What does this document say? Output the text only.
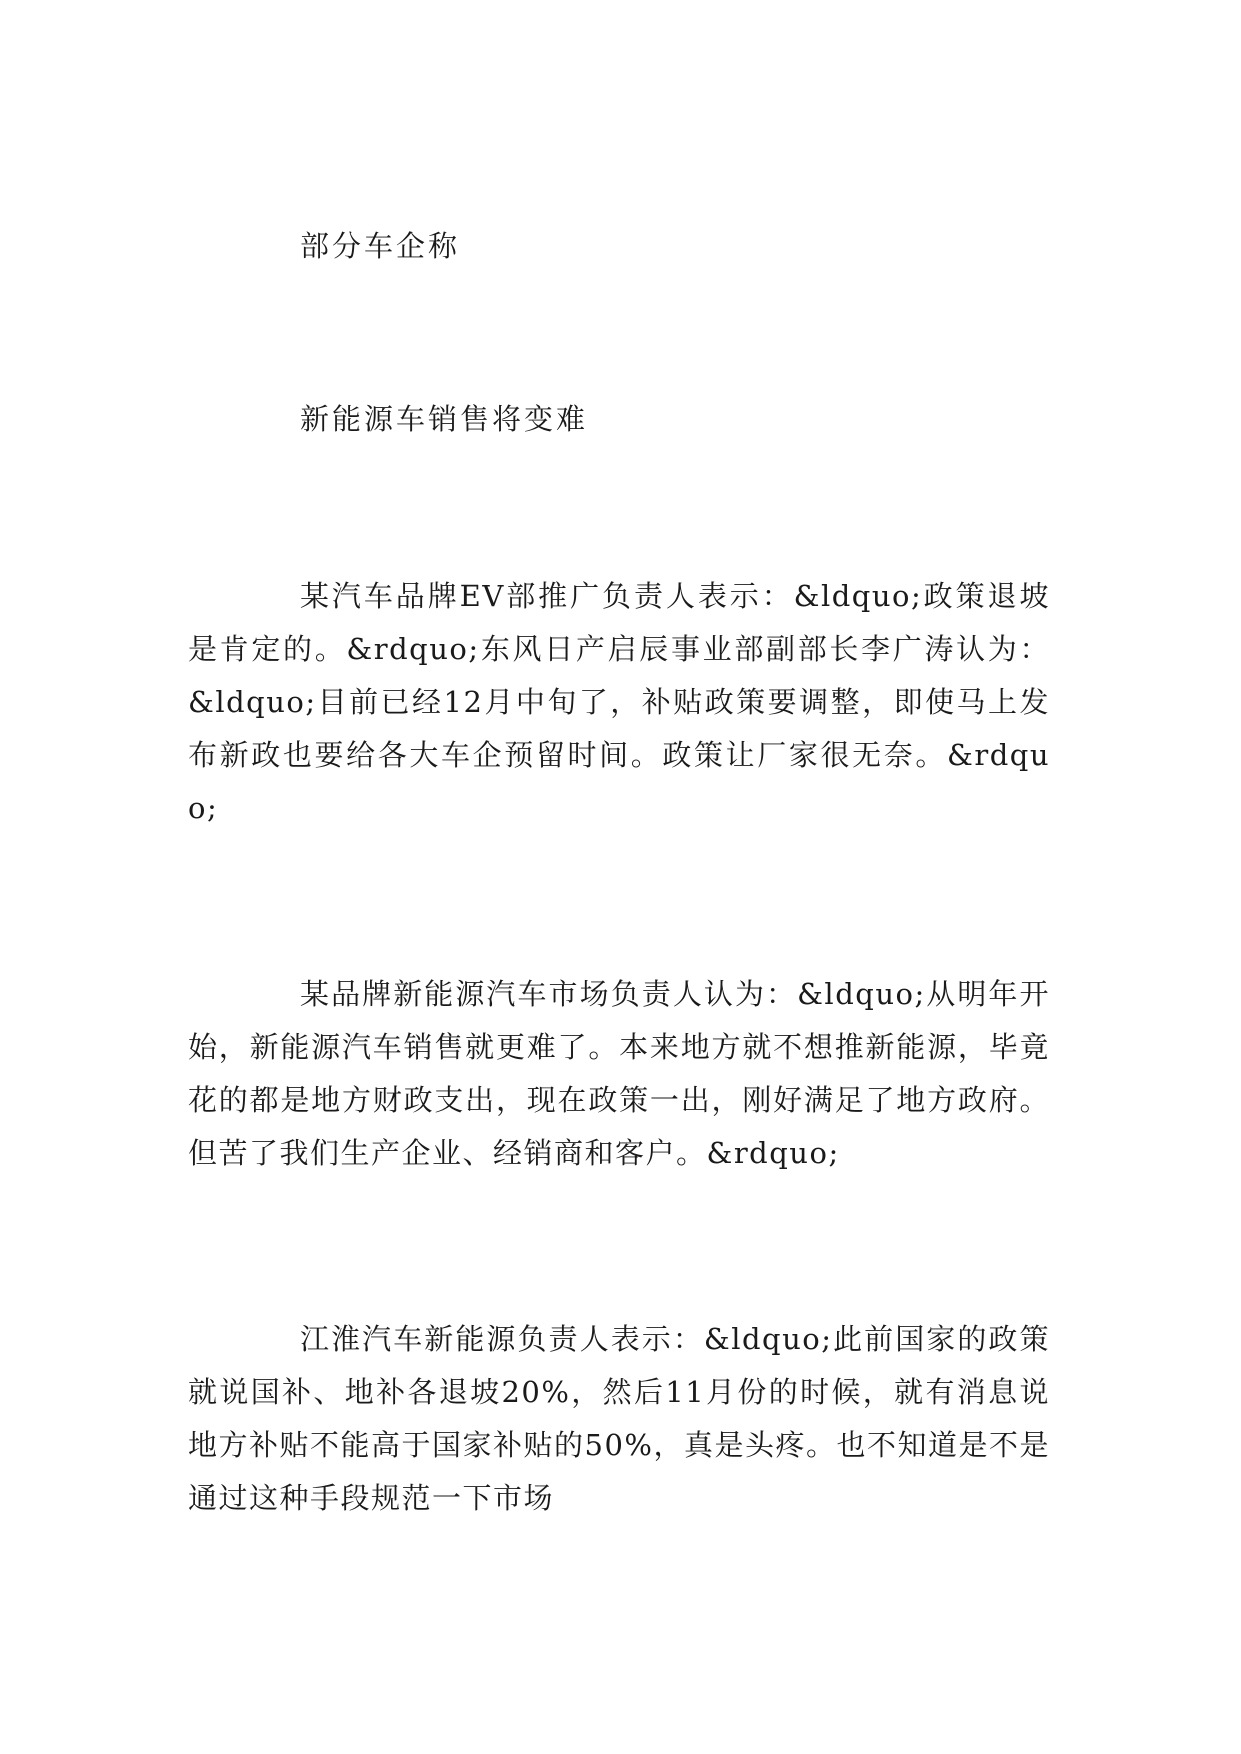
部分车企称
新能源车销售将变难

某汽车品牌EV部推广负责人表示：&ldquo;政策退坡是肯定的。&rdquo;东风日产启辰事业部副部长李广涛认为：&ldquo;目前已经12月中旬了，补贴政策要调整，即使马上发布新政也要给各大车企预留时间。政策让厂家很无奈。&rdquo;

某品牌新能源汽车市场负责人认为：&ldquo;从明年开始，新能源汽车销售就更难了。本来地方就不想推新能源，毕竟花的都是地方财政支出，现在政策一出，刚好满足了地方政府。但苦了我们生产企业、经销商和客户。&rdquo;

江淮汽车新能源负责人表示：&ldquo;此前国家的政策就说国补、地补各退坡20%，然后11月份的时候，就有消息说地方补贴不能高于国家补贴的50%，真是头疼。也不知道是不是通过这种手段规范一下市场
